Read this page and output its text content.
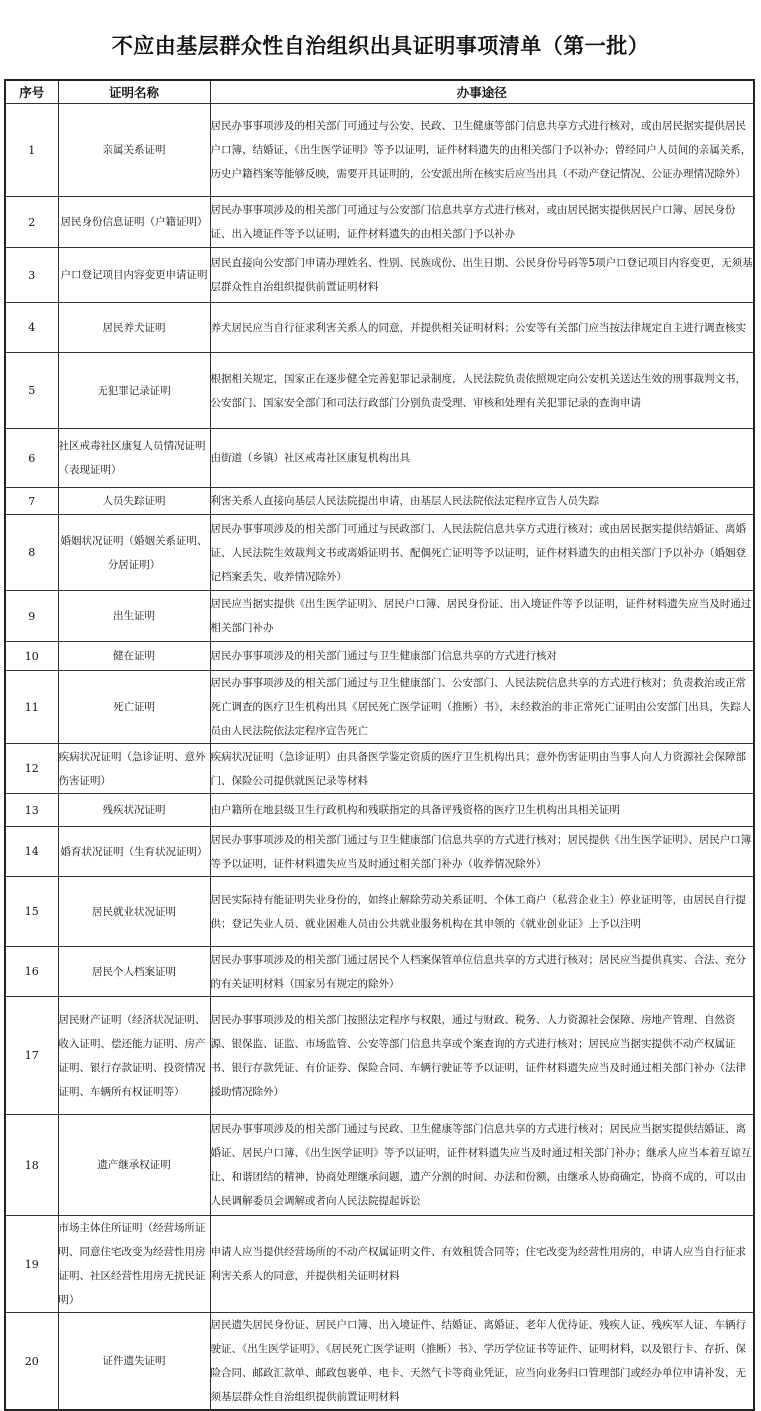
不应由基层群众性自治组织出具证明事项清单（第一批）
序号	证明名称	办事途径
1	亲属关系证明	居民办事事项涉及的相关部门可通过与公安、民政、卫生健康等部门信息共享方式进行核对，或由居民据实提供居民户口簿、结婚证、《出生医学证明》等予以证明，证件材料遗失的由相关部门予以补办；曾经同户人员间的亲属关系，历史户籍档案等能够反映，需要开具证明的，公安派出所在核实后应当出具（不动产登记情况、公证办理情况除外）
2	居民身份信息证明（户籍证明）	居民办事事项涉及的相关部门可通过与公安部门信息共享方式进行核对，或由居民据实提供居民户口簿、居民身份证、出入境证件等予以证明，证件材料遗失的由相关部门予以补办
3	户口登记项目内容变更申请证明	居民直接向公安部门申请办理姓名、性别、民族成份、出生日期、公民身份号码等5项户口登记项目内容变更，无须基层群众性自治组织提供前置证明材料
4	居民养犬证明	养犬居民应当自行征求利害关系人的同意，并提供相关证明材料；公安等有关部门应当按法律规定自主进行调查核实
5	无犯罪记录证明	根据相关规定，国家正在逐步健全完善犯罪记录制度，人民法院负责依照规定向公安机关送达生效的刑事裁判文书，公安部门、国家安全部门和司法行政部门分别负责受理、审核和处理有关犯罪记录的查询申请
6	社区戒毒社区康复人员情况证明（表现证明）	由街道（乡镇）社区戒毒社区康复机构出具
7	人员失踪证明	利害关系人直接向基层人民法院提出申请，由基层人民法院依法定程序宣告人员失踪
8	婚姻状况证明（婚姻关系证明、分居证明）	居民办事事项涉及的相关部门可通过与民政部门、人民法院信息共享方式进行核对；或由居民据实提供结婚证、离婚证、人民法院生效裁判文书或离婚证明书、配偶死亡证明等予以证明，证件材料遗失的由相关部门予以补办（婚姻登记档案丢失、收养情况除外）
9	出生证明	居民应当据实提供《出生医学证明》、居民户口簿、居民身份证、出入境证件等予以证明，证件材料遗失应当及时通过相关部门补办
10	健在证明	居民办事事项涉及的相关部门通过与卫生健康部门信息共享的方式进行核对
11	死亡证明	居民办事事项涉及的相关部门通过与卫生健康部门、公安部门、人民法院信息共享的方式进行核对；负责救治或正常死亡调查的医疗卫生机构出具《居民死亡医学证明（推断）书》，未经救治的非正常死亡证明由公安部门出具，失踪人员由人民法院依法定程序宣告死亡
12	疾病状况证明（急诊证明、意外伤害证明）	疾病状况证明（急诊证明）由具备医学鉴定资质的医疗卫生机构出具；意外伤害证明由当事人向人力资源社会保障部门、保险公司提供就医记录等材料
13	残疾状况证明	由户籍所在地县级卫生行政机构和残联指定的具备评残资格的医疗卫生机构出具相关证明
14	婚育状况证明（生育状况证明）	居民办事事项涉及的相关部门通过与卫生健康部门信息共享的方式进行核对；居民提供《出生医学证明》、居民户口簿等予以证明，证件材料遗失应当及时通过相关部门补办（收养情况除外）
15	居民就业状况证明	居民实际持有能证明失业身份的，如终止解除劳动关系证明、个体工商户（私营企业主）停业证明等，由居民自行提供；登记失业人员、就业困难人员由公共就业服务机构在其申领的《就业创业证》上予以注明
16	居民个人档案证明	居民办事事项涉及的相关部门通过居民个人档案保管单位信息共享的方式进行核对；居民应当提供真实、合法、充分的有关证明材料（国家另有规定的除外）
17	居民财产证明（经济状况证明、收入证明、偿还能力证明、房产证明、银行存款证明、投资情况证明、车辆所有权证明等）	居民办事事项涉及的相关部门按照法定程序与权限，通过与财政、税务、人力资源社会保障、房地产管理、自然资源、银保监、证监、市场监管、公安等部门信息共享或个案查询的方式进行核对；居民应当据实提供不动产权属证书、银行存款凭证、有价证券、保险合同、车辆行驶证等予以证明，证件材料遗失应当及时通过相关部门补办（法律援助情况除外）
18	遗产继承权证明	居民办事事项涉及的相关部门通过与民政、卫生健康等部门信息共享的方式进行核对；居民应当据实提供结婚证、离婚证、居民户口簿、《出生医学证明》等予以证明，证件材料遗失应当及时通过相关部门补办；继承人应当本着互谅互让、和谐团结的精神，协商处理继承问题，遗产分割的时间、办法和份额，由继承人协商确定，协商不成的，可以由人民调解委员会调解或者向人民法院提起诉讼
19	市场主体住所证明（经营场所证明、同意住宅改变为经营性用房证明、社区经营性用房无扰民证明）	申请人应当提供经营场所的不动产权属证明文件、有效租赁合同等；住宅改变为经营性用房的，申请人应当自行征求利害关系人的同意，并提供相关证明材料
20	证件遗失证明	居民遗失居民身份证、居民户口簿、出入境证件、结婚证、离婚证、老年人优待证、残疾人证、残疾军人证、车辆行驶证、《出生医学证明》、《居民死亡医学证明（推断）书》、学历学位证书等证件、证明材料，以及银行卡、存折、保险合同、邮政汇款单、邮政包裹单、电卡、天然气卡等商业凭证，应当向业务归口管理部门或经办单位申请补发，无须基层群众性自治组织提供前置证明材料
